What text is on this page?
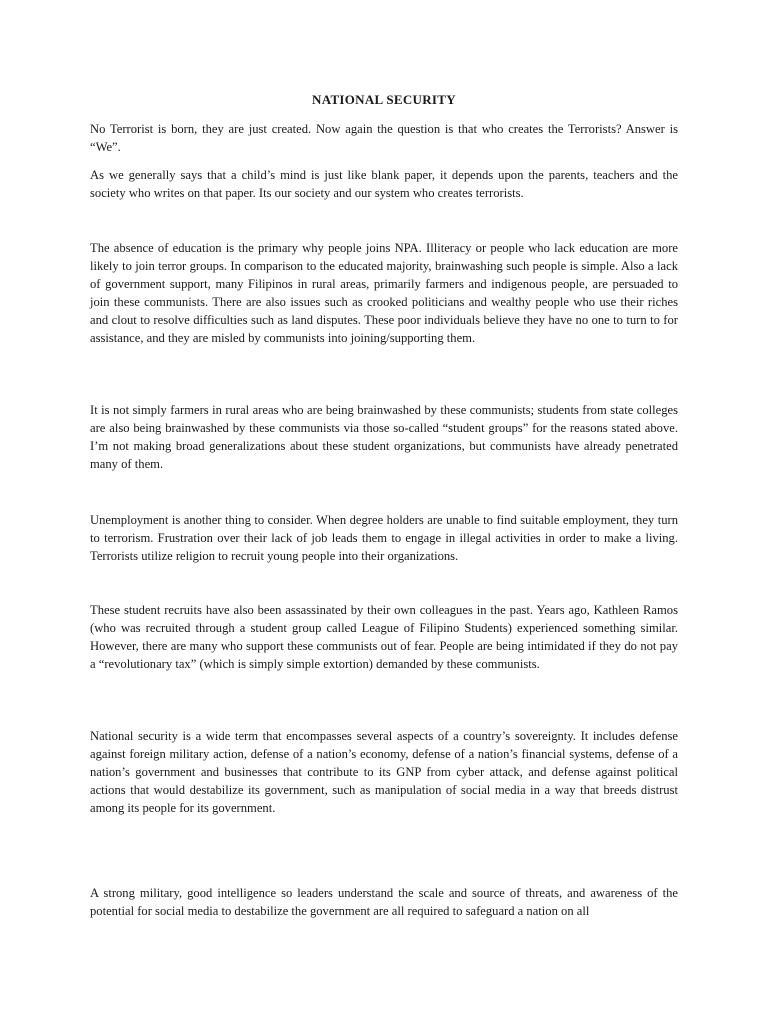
NATIONAL SECURITY

No Terrorist is born, they are just created. Now again the question is that who creates the Terrorists? Answer is “We”.

As we generally says that a child’s mind is just like blank paper, it depends upon the parents, teachers and the society who writes on that paper. Its our society and our system who creates terrorists.

The absence of education is the primary why people joins NPA. Illiteracy or people who lack education are more likely to join terror groups. In comparison to the educated majority, brainwashing such people is simple. Also a lack of government support, many Filipinos in rural areas, primarily farmers and indigenous people, are persuaded to join these communists. There are also issues such as crooked politicians and wealthy people who use their riches and clout to resolve difficulties such as land disputes. These poor individuals believe they have no one to turn to for assistance, and they are misled by communists into joining/supporting them.

It is not simply farmers in rural areas who are being brainwashed by these communists; students from state colleges are also being brainwashed by these communists via those so-called “student groups” for the reasons stated above. I’m not making broad generalizations about these student organizations, but communists have already penetrated many of them.

Unemployment is another thing to consider. When degree holders are unable to find suitable employment, they turn to terrorism. Frustration over their lack of job leads them to engage in illegal activities in order to make a living. Terrorists utilize religion to recruit young people into their organizations.

These student recruits have also been assassinated by their own colleagues in the past. Years ago, Kathleen Ramos (who was recruited through a student group called League of Filipino Students) experienced something similar. However, there are many who support these communists out of fear. People are being intimidated if they do not pay a “revolutionary tax” (which is simply simple extortion) demanded by these communists.

National security is a wide term that encompasses several aspects of a country’s sovereignty. It includes defense against foreign military action, defense of a nation’s economy, defense of a nation’s financial systems, defense of a nation’s government and businesses that contribute to its GNP from cyber attack, and defense against political actions that would destabilize its government, such as manipulation of social media in a way that breeds distrust among its people for its government.

A strong military, good intelligence so leaders understand the scale and source of threats, and awareness of the potential for social media to destabilize the government are all required to safeguard a nation on all
